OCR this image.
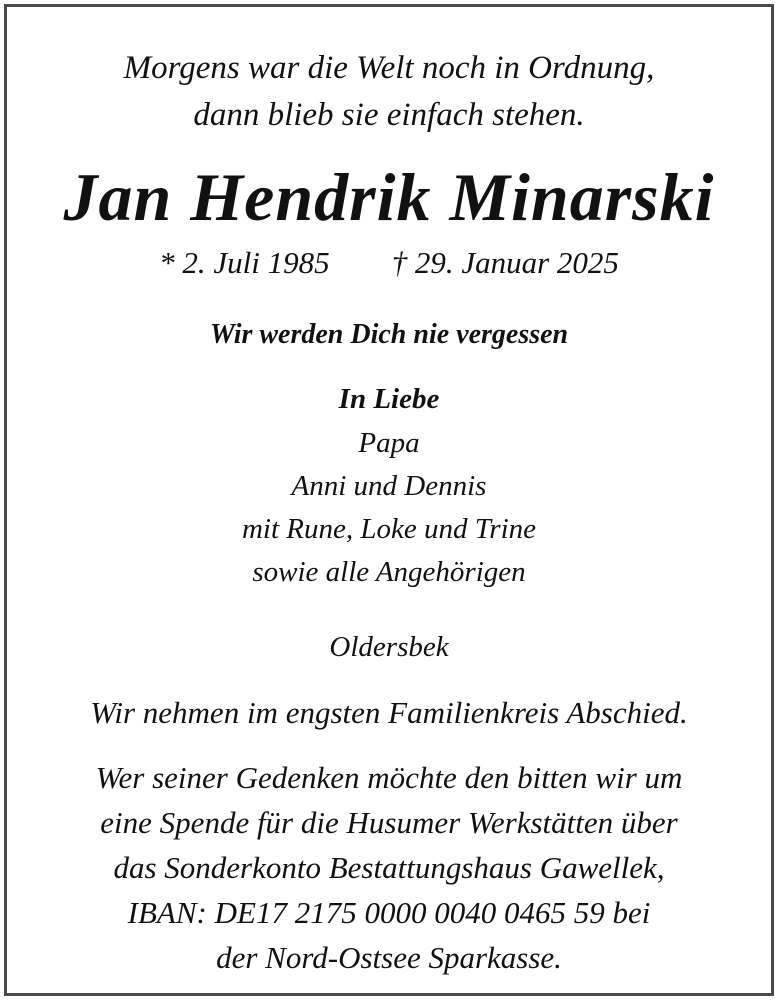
Morgens war die Welt noch in Ordnung,
dann blieb sie einfach stehen.
Jan Hendrik Minarski
* 2. Juli 1985 † 29. Januar 2025
Wir werden Dich nie vergessen
In Liebe
Papa
Anni und Dennis
mit Rune, Loke und Trine
sowie alle Angehörigen
Oldersbek
Wir nehmen im engsten Familienkreis Abschied.
Wer seiner Gedenken möchte den bitten wir um
eine Spende für die Husumer Werkstätten über
das Sonderkonto Bestattungshaus Gawellek,
IBAN: DE17 2175 0000 0040 0465 59 bei
der Nord-Ostsee Sparkasse.
